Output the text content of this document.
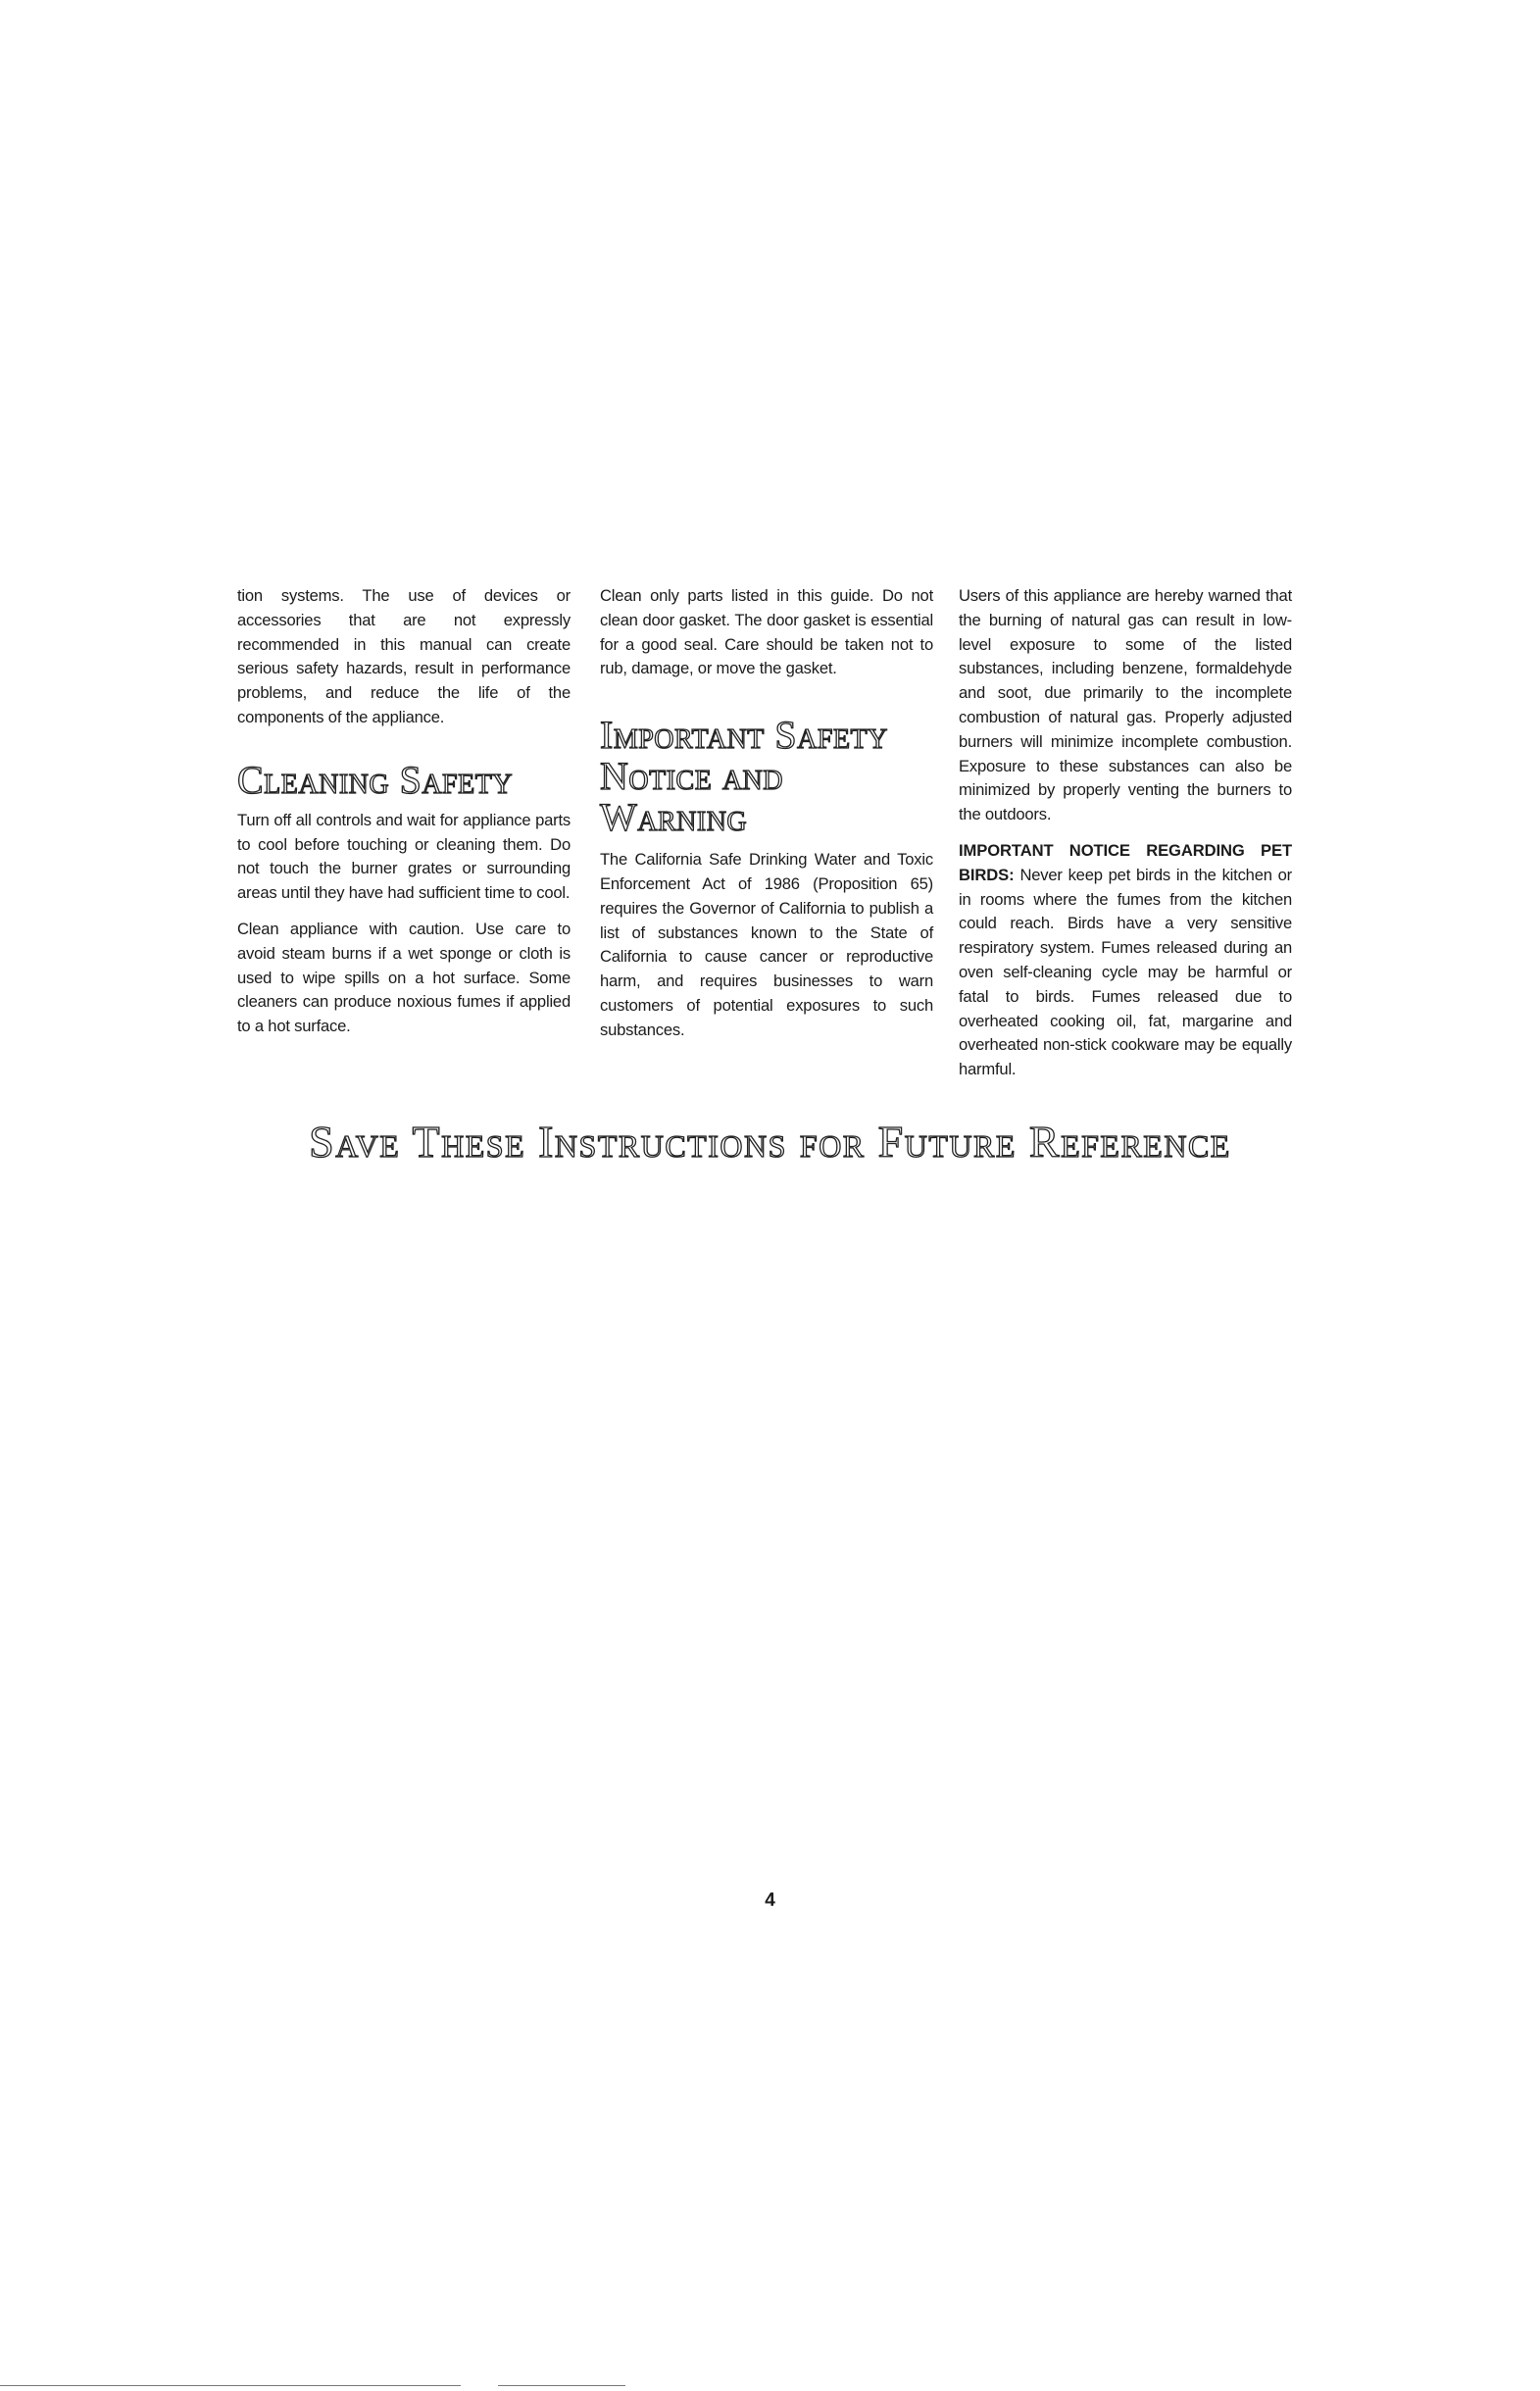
tion systems. The use of devices or accessories that are not expressly recommended in this manual can create serious safety hazards, result in performance problems, and reduce the life of the components of the appliance.

Cleaning Safety

Turn off all controls and wait for appliance parts to cool before touching or cleaning them. Do not touch the burner grates or surrounding areas until they have had sufficient time to cool.

Clean appliance with caution. Use care to avoid steam burns if a wet sponge or cloth is used to wipe spills on a hot surface. Some cleaners can produce noxious fumes if applied to a hot surface.

Clean only parts listed in this guide. Do not clean door gasket. The door gasket is essential for a good seal. Care should be taken not to rub, damage, or move the gasket.

Important Safety
Notice and
Warning

The California Safe Drinking Water and Toxic Enforcement Act of 1986 (Proposition 65) requires the Governor of California to publish a list of substances known to the State of California to cause cancer or reproductive harm, and requires businesses to warn customers of potential exposures to such substances.

Users of this appliance are hereby warned that the burning of natural gas can result in low-level exposure to some of the listed substances, including benzene, formaldehyde and soot, due primarily to the incomplete combustion of natural gas. Properly adjusted burners will minimize incomplete combustion. Exposure to these substances can also be minimized by properly venting the burners to the outdoors.

IMPORTANT NOTICE REGARDING PET BIRDS: Never keep pet birds in the kitchen or in rooms where the fumes from the kitchen could reach. Birds have a very sensitive respiratory system. Fumes released during an oven self-cleaning cycle may be harmful or fatal to birds. Fumes released due to overheated cooking oil, fat, margarine and overheated non-stick cookware may be equally harmful.

Save These Instructions for Future Reference
4
